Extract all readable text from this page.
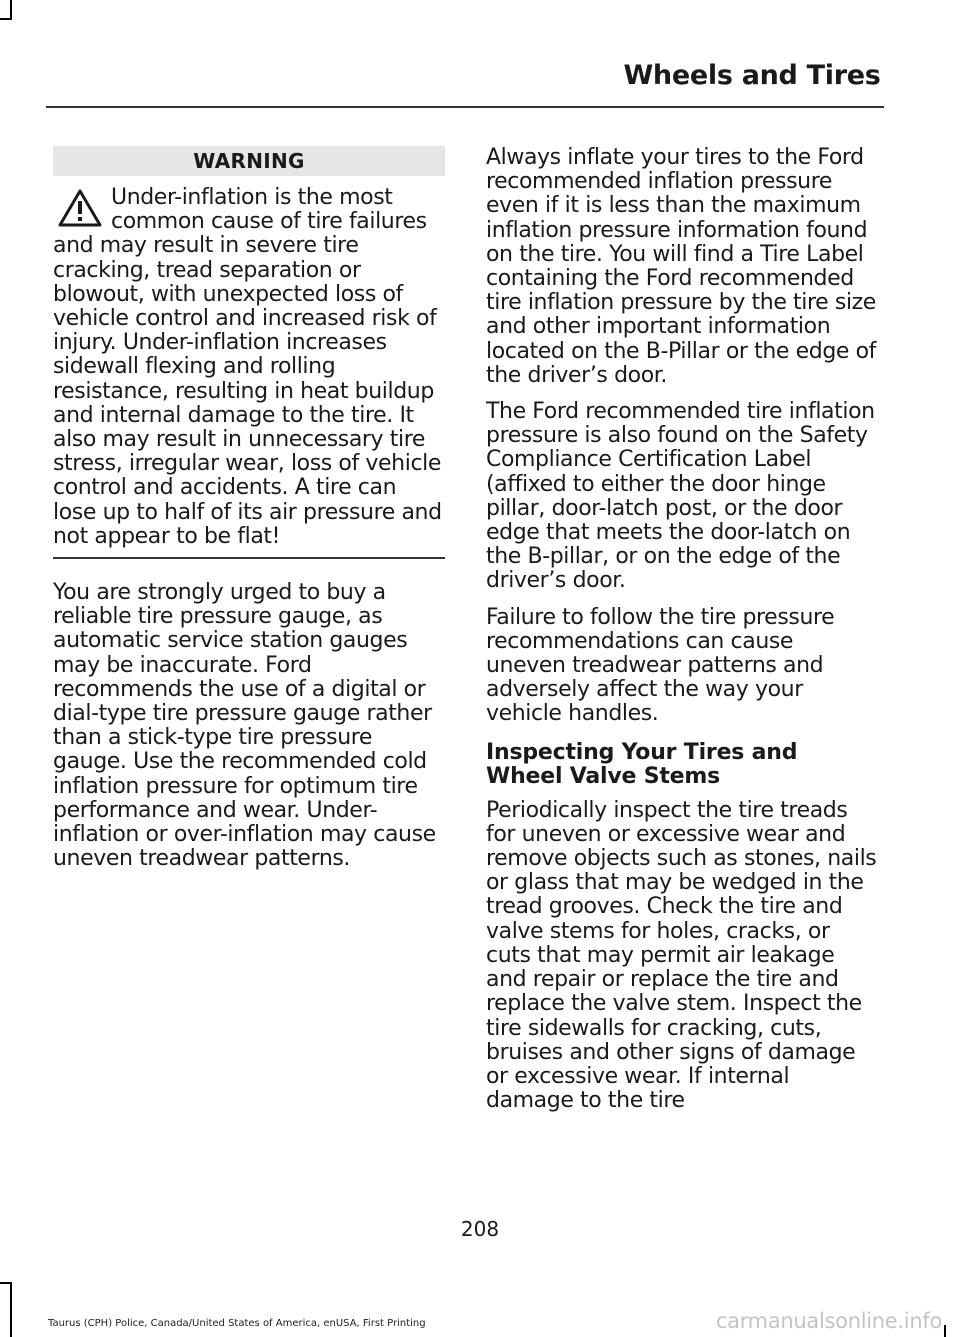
Wheels and Tires
WARNING
Under-inflation is the most common cause of tire failures and may result in severe tire cracking, tread separation or blowout, with unexpected loss of vehicle control and increased risk of injury. Under-inflation increases sidewall flexing and rolling resistance, resulting in heat buildup and internal damage to the tire. It also may result in unnecessary tire stress, irregular wear, loss of vehicle control and accidents. A tire can lose up to half of its air pressure and not appear to be flat!

You are strongly urged to buy a reliable tire pressure gauge, as automatic service station gauges may be inaccurate. Ford recommends the use of a digital or dial-type tire pressure gauge rather than a stick-type tire pressure gauge. Use the recommended cold inflation pressure for optimum tire performance and wear. Under-inflation or over-inflation may cause uneven treadwear patterns.

Always inflate your tires to the Ford recommended inflation pressure even if it is less than the maximum inflation pressure information found on the tire. You will find a Tire Label containing the Ford recommended tire inflation pressure by the tire size and other important information located on the B-Pillar or the edge of the driver’s door.

The Ford recommended tire inflation pressure is also found on the Safety Compliance Certification Label (affixed to either the door hinge pillar, door-latch post, or the door edge that meets the door-latch on the B-pillar, or on the edge of the driver’s door.

Failure to follow the tire pressure recommendations can cause uneven treadwear patterns and adversely affect the way your vehicle handles.

Inspecting Your Tires and Wheel Valve Stems

Periodically inspect the tire treads for uneven or excessive wear and remove objects such as stones, nails or glass that may be wedged in the tread grooves. Check the tire and valve stems for holes, cracks, or cuts that may permit air leakage and repair or replace the tire and replace the valve stem. Inspect the tire sidewalls for cracking, cuts, bruises and other signs of damage or excessive wear. If internal damage to the tire

208
Taurus (CPH) Police, Canada/United States of America, enUSA, First Printing	carmanualsonline.info
